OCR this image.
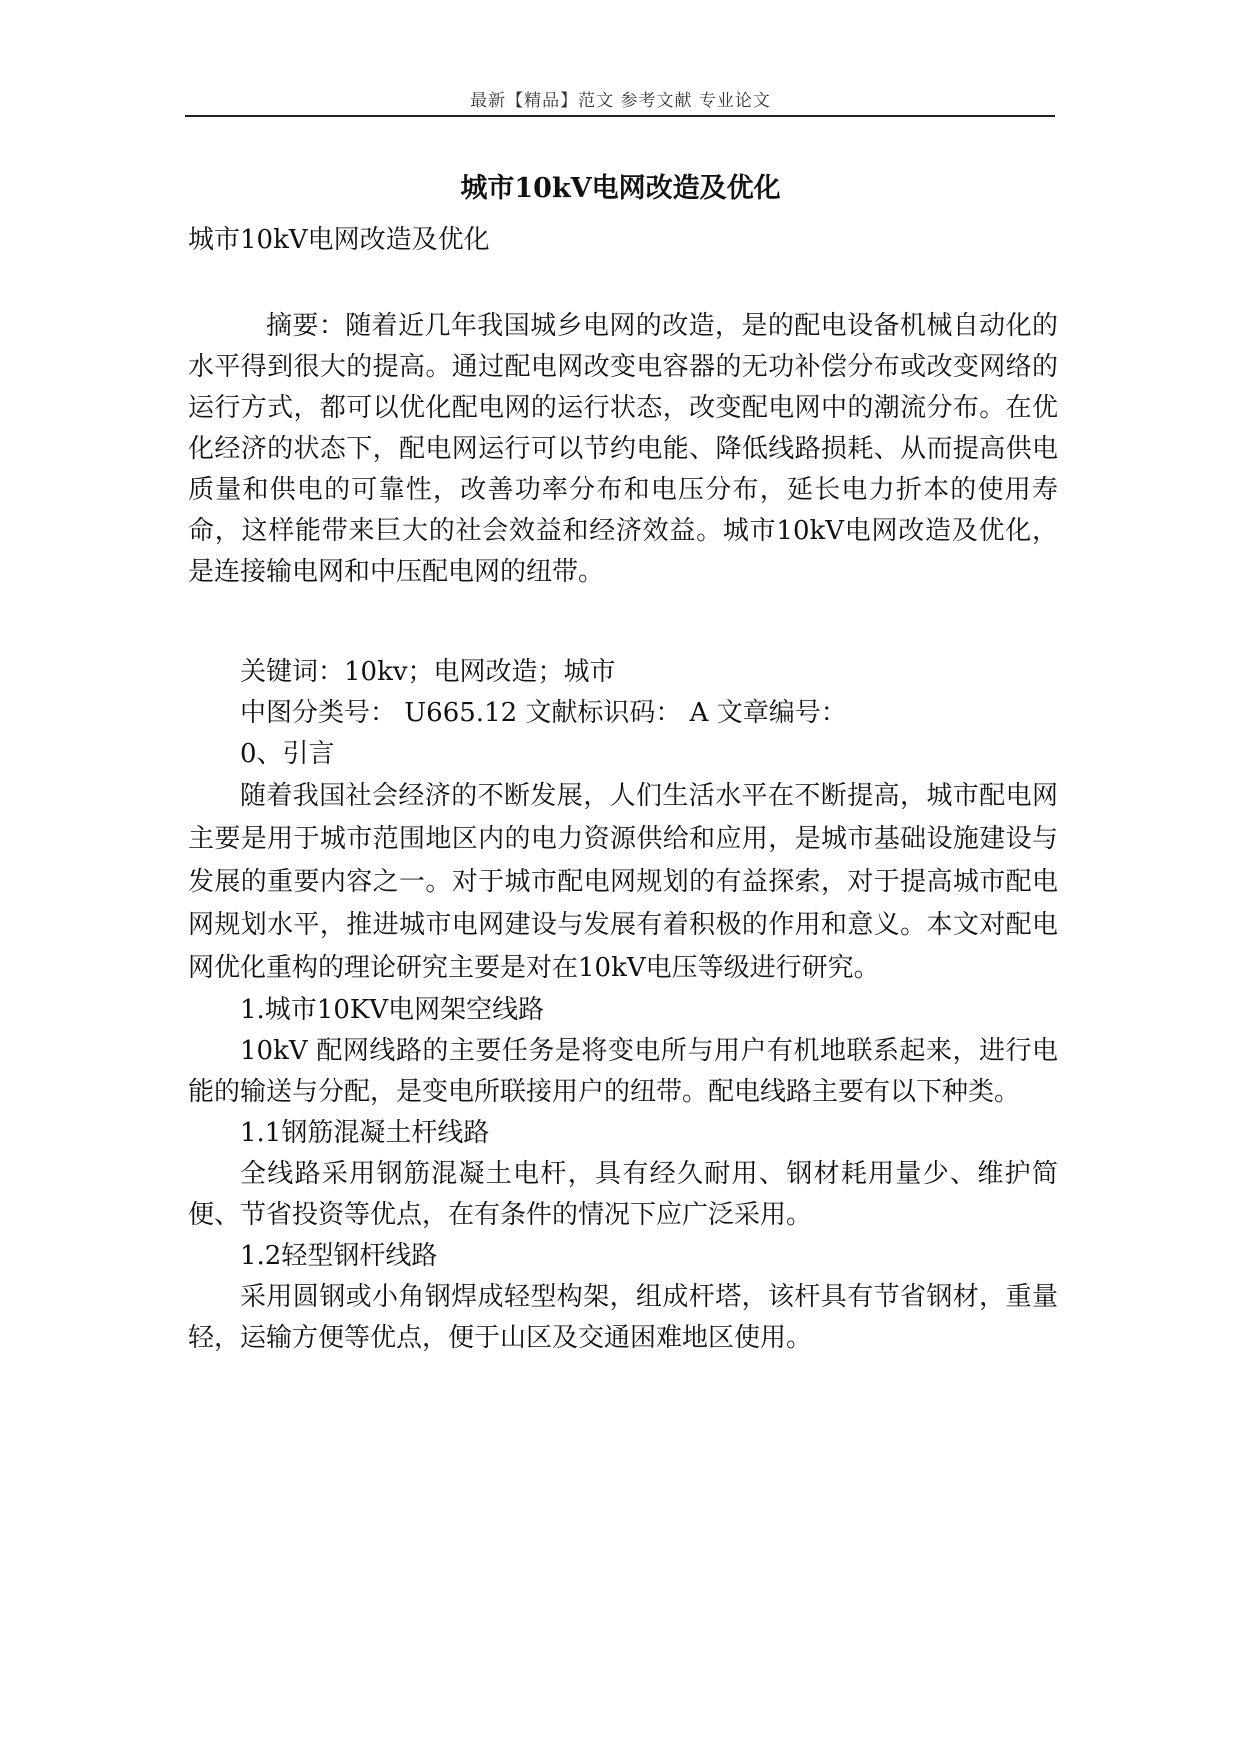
最新【精品】范文 参考文献 专业论文
城市10kV电网改造及优化

城市10kV电网改造及优化

摘要：随着近几年我国城乡电网的改造，是的配电设备机械自动化的水平得到很大的提高。通过配电网改变电容器的无功补偿分布或改变网络的运行方式，都可以优化配电网的运行状态，改变配电网中的潮流分布。在优化经济的状态下，配电网运行可以节约电能、降低线路损耗、从而提高供电质量和供电的可靠性，改善功率分布和电压分布，延长电力折本的使用寿命，这样能带来巨大的社会效益和经济效益。城市10kV电网改造及优化，是连接输电网和中压配电网的纽带。

关键词：10kv；电网改造；城市

中图分类号： U665.12 文献标识码： A 文章编号：

0、引言

随着我国社会经济的不断发展，人们生活水平在不断提高，城市配电网主要是用于城市范围地区内的电力资源供给和应用，是城市基础设施建设与发展的重要内容之一。对于城市配电网规划的有益探索，对于提高城市配电网规划水平，推进城市电网建设与发展有着积极的作用和意义。本文对配电网优化重构的理论研究主要是对在10kV电压等级进行研究。

1.城市10KV电网架空线路

10kV 配网线路的主要任务是将变电所与用户有机地联系起来，进行电能的输送与分配，是变电所联接用户的纽带。配电线路主要有以下种类。

1.1钢筋混凝土杆线路

全线路采用钢筋混凝土电杆，具有经久耐用、钢材耗用量少、维护简便、节省投资等优点，在有条件的情况下应广泛采用。

1.2轻型钢杆线路

采用圆钢或小角钢焊成轻型构架，组成杆塔，该杆具有节省钢材，重量轻，运输方便等优点，便于山区及交通困难地区使用。
